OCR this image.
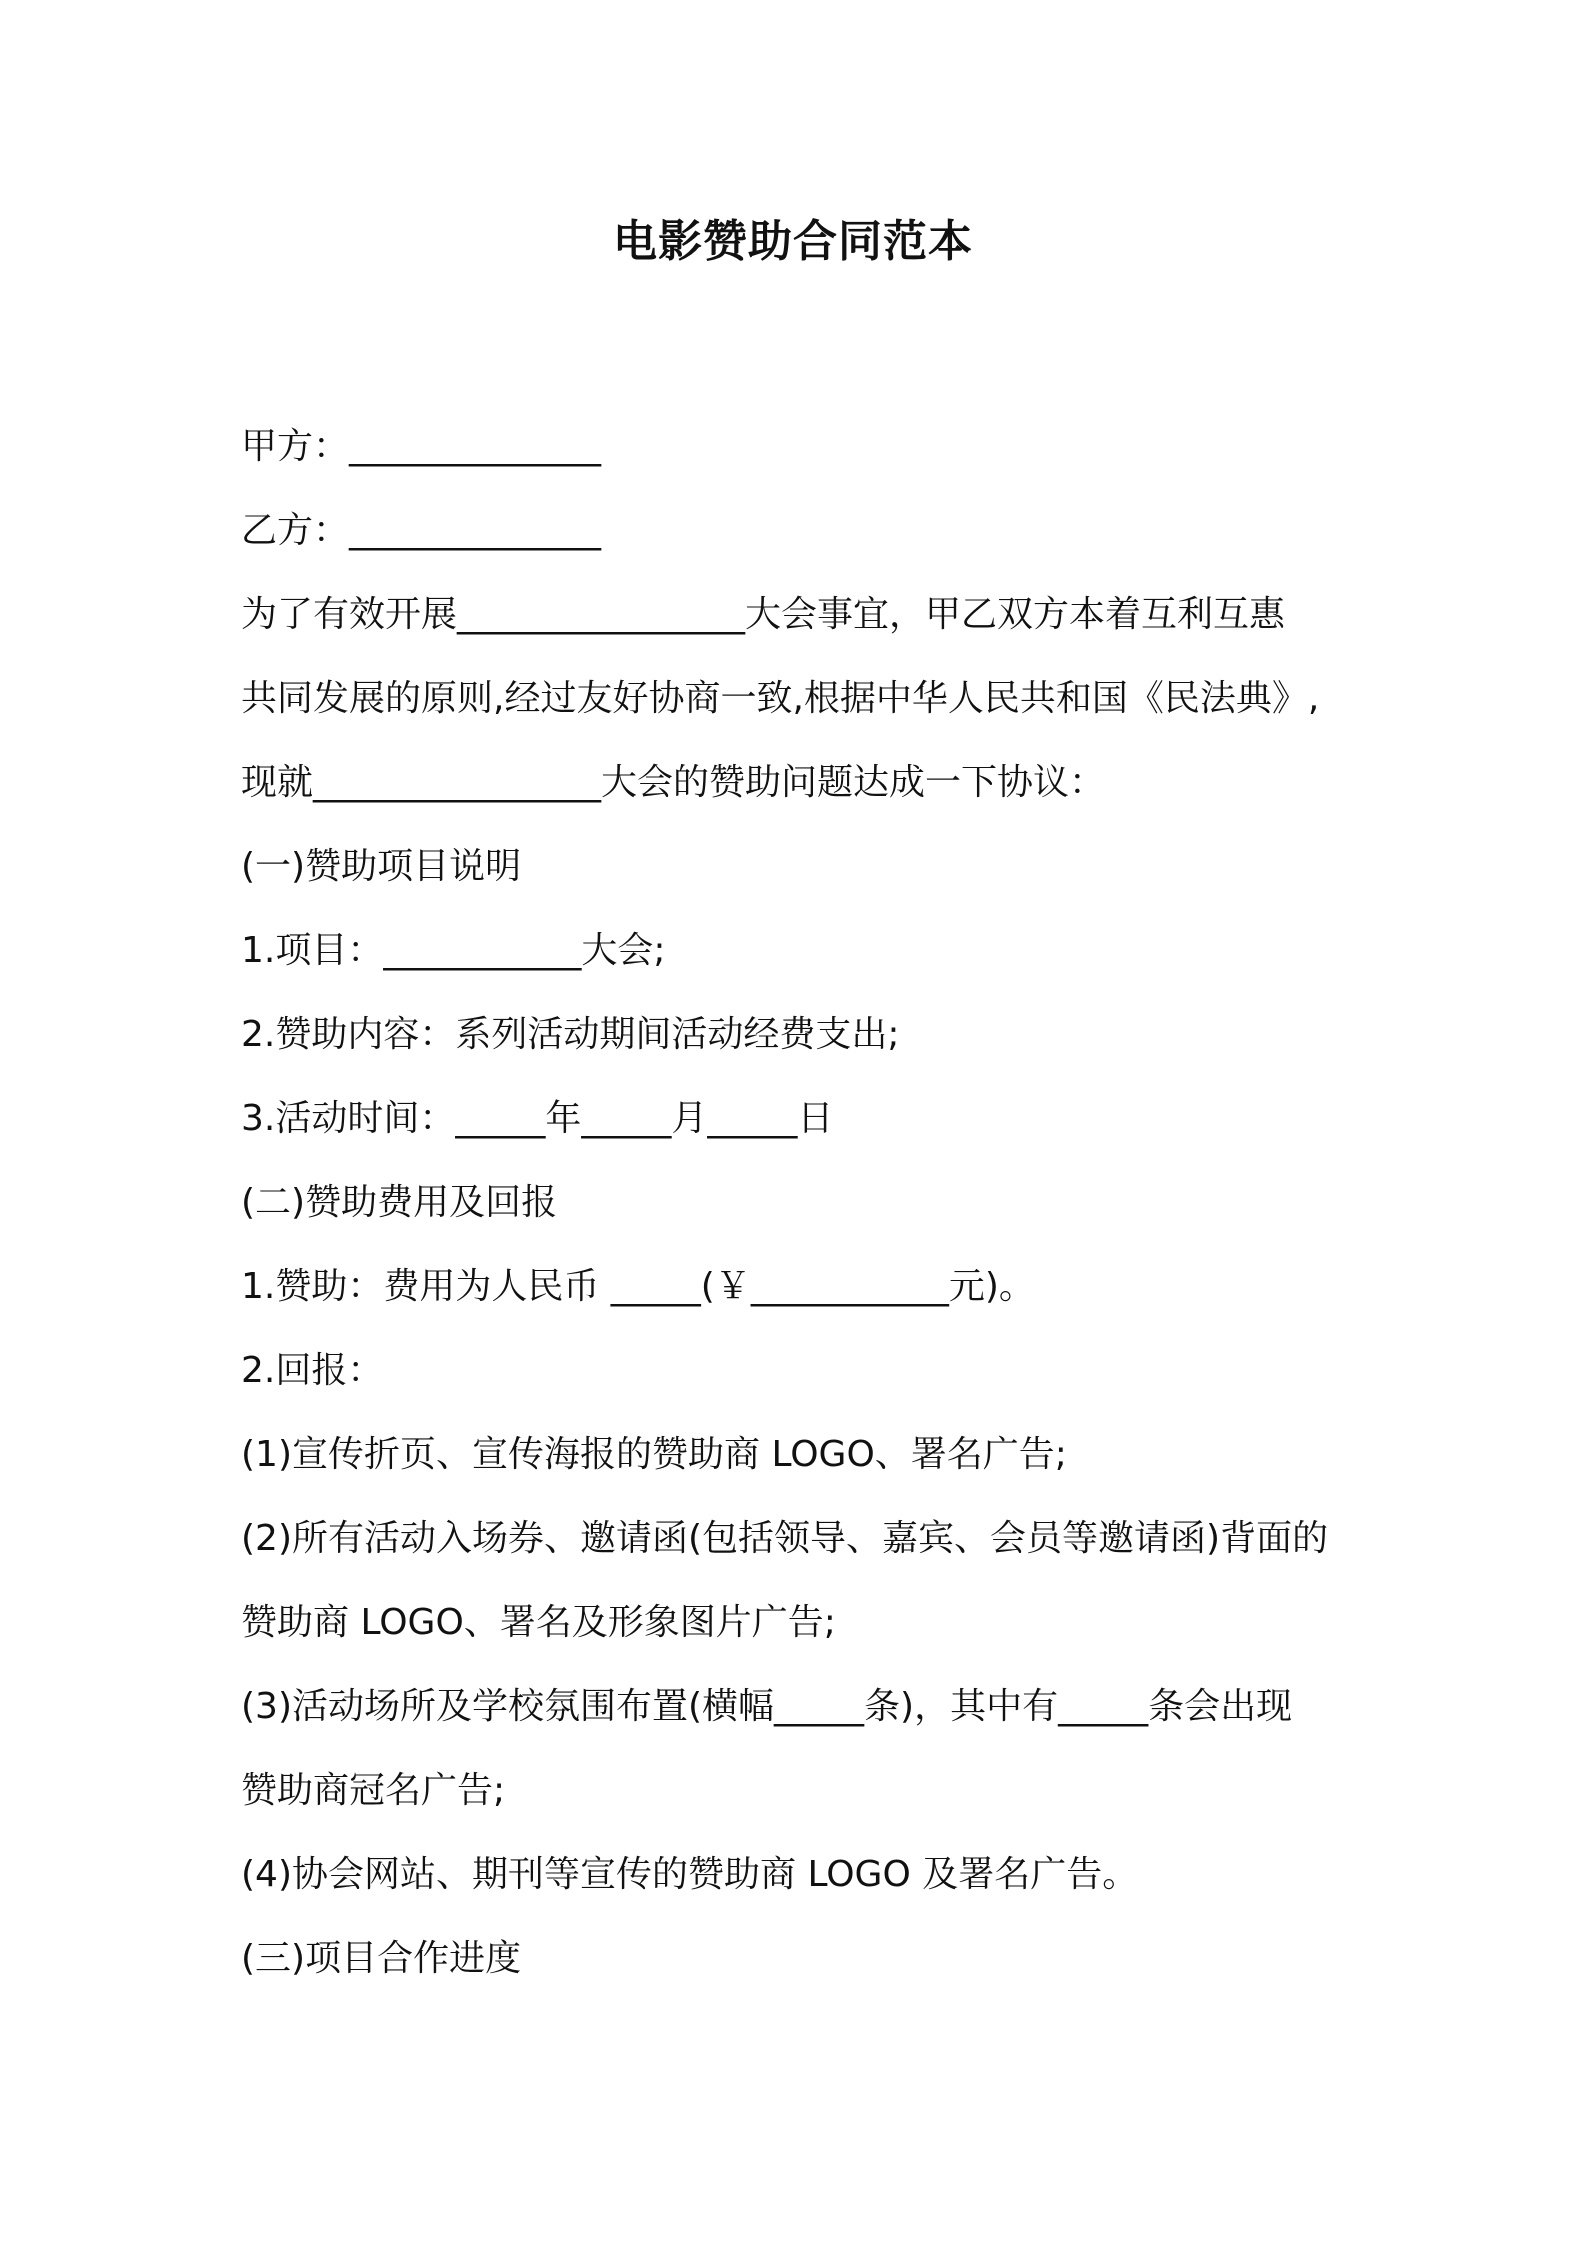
电影赞助合同范本

甲方：______________

乙方：______________

为了有效开展________________大会事宜，甲乙双方本着互利互惠

共同发展的原则,经过友好协商一致,根据中华人民共和国《民法典》,

现就________________大会的赞助问题达成一下协议：

(一)赞助项目说明

1.项目：___________大会;

2.赞助内容：系列活动期间活动经费支出;

3.活动时间：_____年_____月_____日

(二)赞助费用及回报

1.赞助：费用为人民币 _____(￥___________元)。

2.回报：

(1)宣传折页、宣传海报的赞助商 LOGO、署名广告;

(2)所有活动入场券、邀请函(包括领导、嘉宾、会员等邀请函)背面的

赞助商 LOGO、署名及形象图片广告;

(3)活动场所及学校氛围布置(横幅_____条)，其中有_____条会出现

赞助商冠名广告;

(4)协会网站、期刊等宣传的赞助商 LOGO 及署名广告。

(三)项目合作进度
